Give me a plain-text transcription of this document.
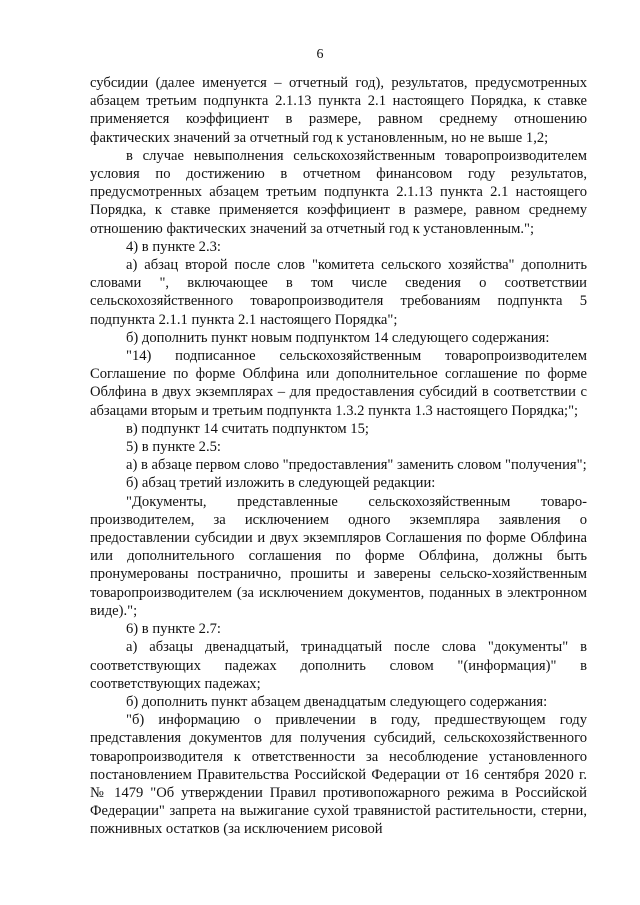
6

субсидии (далее именуется – отчетный год), результатов, предусмотренных абзацем третьим подпункта 2.1.13 пункта 2.1 настоящего Порядка, к ставке применяется коэффициент в размере, равном среднему отношению фактических значений за отчетный год к установленным, но не выше 1,2;

в случае невыполнения сельскохозяйственным товаропроизводителем условия по достижению в отчетном финансовом году результатов, предусмотренных абзацем третьим подпункта 2.1.13 пункта 2.1 настоящего Порядка, к ставке применяется коэффициент в размере, равном среднему отношению фактических значений за отчетный год к установленным.";

4) в пункте 2.3:

а) абзац второй после слов "комитета сельского хозяйства" дополнить словами ", включающее в том числе сведения о соответствии сельскохозяйственного товаропроизводителя требованиям подпункта 5 подпункта 2.1.1 пункта 2.1 настоящего Порядка";

б) дополнить пункт новым подпунктом 14 следующего содержания:

"14) подписанное сельскохозяйственным товаропроизводителем Соглашение по форме Облфина или дополнительное соглашение по форме Облфина в двух экземплярах – для предоставления субсидий в соответствии с абзацами вторым и третьим подпункта 1.3.2 пункта 1.3 настоящего Порядка;";

в) подпункт 14 считать подпунктом 15;

5) в пункте 2.5:

а) в абзаце первом слово "предоставления" заменить словом "получения";

б) абзац третий изложить в следующей редакции:

"Документы, представленные сельскохозяйственным товаро-производителем, за исключением одного экземпляра заявления о предоставлении субсидии и двух экземпляров Соглашения по форме Облфина или дополнительного соглашения по форме Облфина, должны быть пронумерованы постранично, прошиты и заверены сельско-хозяйственным товаропроизводителем (за исключением документов, поданных в электронном виде).";

6) в пункте 2.7:

а) абзацы двенадцатый, тринадцатый после слова "документы" в соответствующих падежах дополнить словом "(информация)" в соответствующих падежах;

б) дополнить пункт абзацем двенадцатым следующего содержания:

"б) информацию о привлечении в году, предшествующем году представления документов для получения субсидий, сельскохозяйственного товаропроизводителя к ответственности за несоблюдение установленного постановлением Правительства Российской Федерации от 16 сентября 2020 г. № 1479 "Об утверждении Правил противопожарного режима в Российской Федерации" запрета на выжигание сухой травянистой растительности, стерни, пожнивных остатков (за исключением рисовой
